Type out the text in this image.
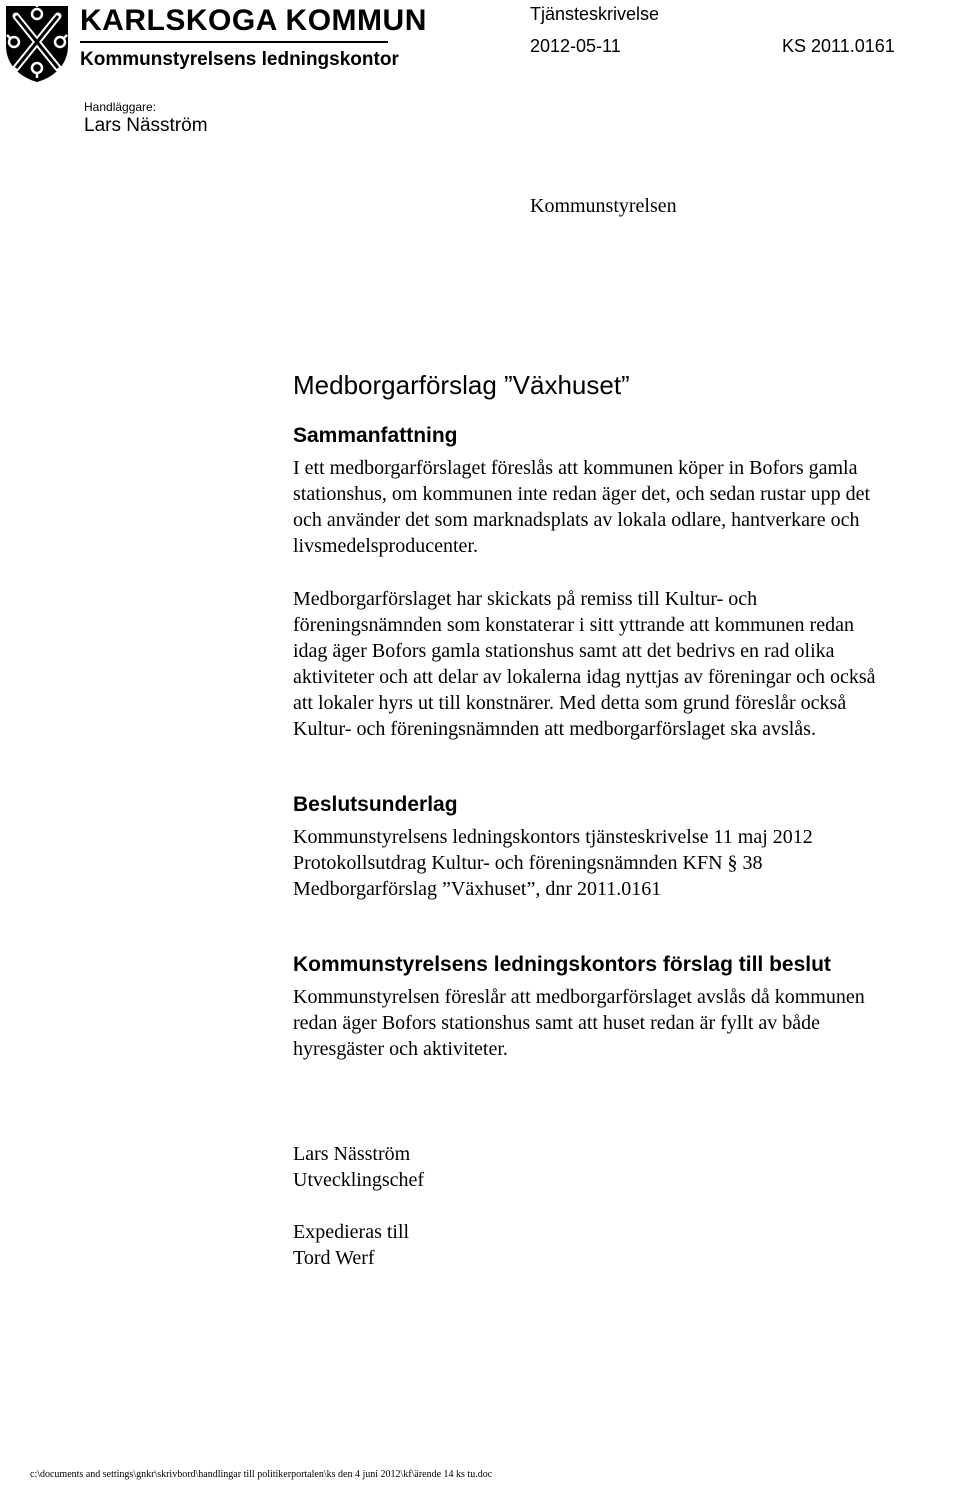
KARLSKOGA KOMMUN
Kommunstyrelsens ledningskontor
Tjänsteskrivelse
2012-05-11	KS 2011.0161
Handläggare:
Lars Näsström
Kommunstyrelsen
Medborgarförslag ”Växhuset”
Sammanfattning
I ett medborgarförslaget föreslås att kommunen köper in Bofors gamla
stationshus, om kommunen inte redan äger det, och sedan rustar upp det
och använder det som marknadsplats av lokala odlare, hantverkare och
livsmedelsproducenter.
Medborgarförslaget har skickats på remiss till Kultur- och
föreningsnämnden som konstaterar i sitt yttrande att kommunen redan
idag äger Bofors gamla stationshus samt att det bedrivs en rad olika
aktiviteter och att delar av lokalerna idag nyttjas av föreningar och också
att lokaler hyrs ut till konstnärer. Med detta som grund föreslår också
Kultur- och föreningsnämnden att medborgarförslaget ska avslås.
Beslutsunderlag
Kommunstyrelsens ledningskontors tjänsteskrivelse 11 maj 2012
Protokollsutdrag Kultur- och föreningsnämnden KFN § 38
Medborgarförslag ”Växhuset”, dnr 2011.0161
Kommunstyrelsens ledningskontors förslag till beslut
Kommunstyrelsen föreslår att medborgarförslaget avslås då kommunen
redan äger Bofors stationshus samt att huset redan är fyllt av både
hyresgäster och aktiviteter.
Lars Näsström
Utvecklingschef
Expedieras till
Tord Werf
c:\documents and settings\gnkr\skrivbord\handlingar till politikerportalen\ks den 4 juni 2012\kf\ärende 14 ks tu.doc
